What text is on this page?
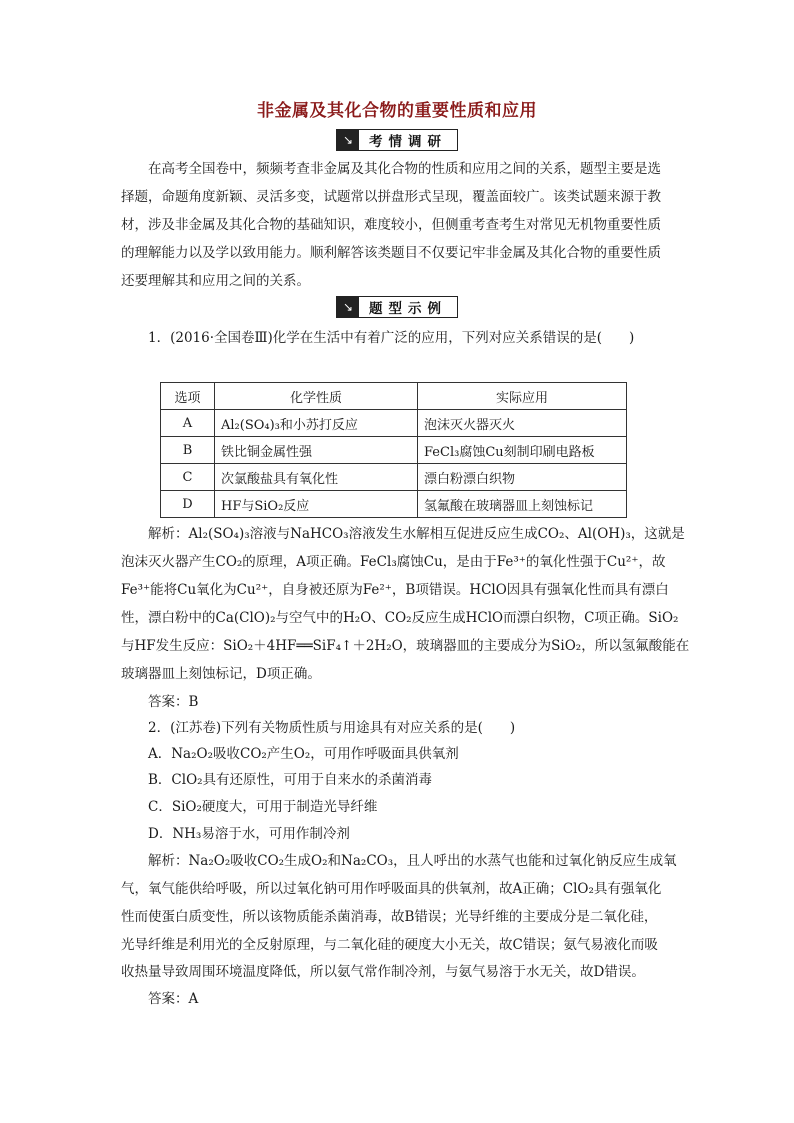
非金属及其化合物的重要性质和应用
↘	考情调研
在高考全国卷中，频频考查非金属及其化合物的性质和应用之间的关系，题型主要是选
择题，命题角度新颖、灵活多变，试题常以拼盘形式呈现，覆盖面较广。该类试题来源于教
材，涉及非金属及其化合物的基础知识，难度较小，但侧重考查考生对常见无机物重要性质
的理解能力以及学以致用能力。顺利解答该类题目不仅要记牢非金属及其化合物的重要性质
还要理解其和应用之间的关系。
↘	题型示例
1．(2016·全国卷Ⅲ)化学在生活中有着广泛的应用，下列对应关系错误的是(　　)
选项	化学性质	实际应用
A	Al₂(SO₄)₃和小苏打反应	泡沫灭火器灭火
B	铁比铜金属性强	FeCl₃腐蚀Cu刻制印刷电路板
C	次氯酸盐具有氧化性	漂白粉漂白织物
D	HF与SiO₂反应	氢氟酸在玻璃器皿上刻蚀标记
解析：Al₂(SO₄)₃溶液与NaHCO₃溶液发生水解相互促进反应生成CO₂、Al(OH)₃，这就是
泡沫灭火器产生CO₂的原理，A项正确。FeCl₃腐蚀Cu，是由于Fe³⁺的氧化性强于Cu²⁺，故
Fe³⁺能将Cu氧化为Cu²⁺，自身被还原为Fe²⁺，B项错误。HClO因具有强氧化性而具有漂白
性，漂白粉中的Ca(ClO)₂与空气中的H₂O、CO₂反应生成HClO而漂白织物，C项正确。SiO₂
与HF发生反应：SiO₂＋4HF══SiF₄↑＋2H₂O，玻璃器皿的主要成分为SiO₂，所以氢氟酸能在
玻璃器皿上刻蚀标记，D项正确。
答案：B
2．(江苏卷)下列有关物质性质与用途具有对应关系的是(　　)
A．Na₂O₂吸收CO₂产生O₂，可用作呼吸面具供氧剂
B．ClO₂具有还原性，可用于自来水的杀菌消毒
C．SiO₂硬度大，可用于制造光导纤维
D．NH₃易溶于水，可用作制冷剂
解析：Na₂O₂吸收CO₂生成O₂和Na₂CO₃，且人呼出的水蒸气也能和过氧化钠反应生成氧
气，氧气能供给呼吸，所以过氧化钠可用作呼吸面具的供氧剂，故A正确；ClO₂具有强氧化
性而使蛋白质变性，所以该物质能杀菌消毒，故B错误；光导纤维的主要成分是二氧化硅，
光导纤维是利用光的全反射原理，与二氧化硅的硬度大小无关，故C错误；氨气易液化而吸
收热量导致周围环境温度降低，所以氨气常作制冷剂，与氨气易溶于水无关，故D错误。
答案：A
